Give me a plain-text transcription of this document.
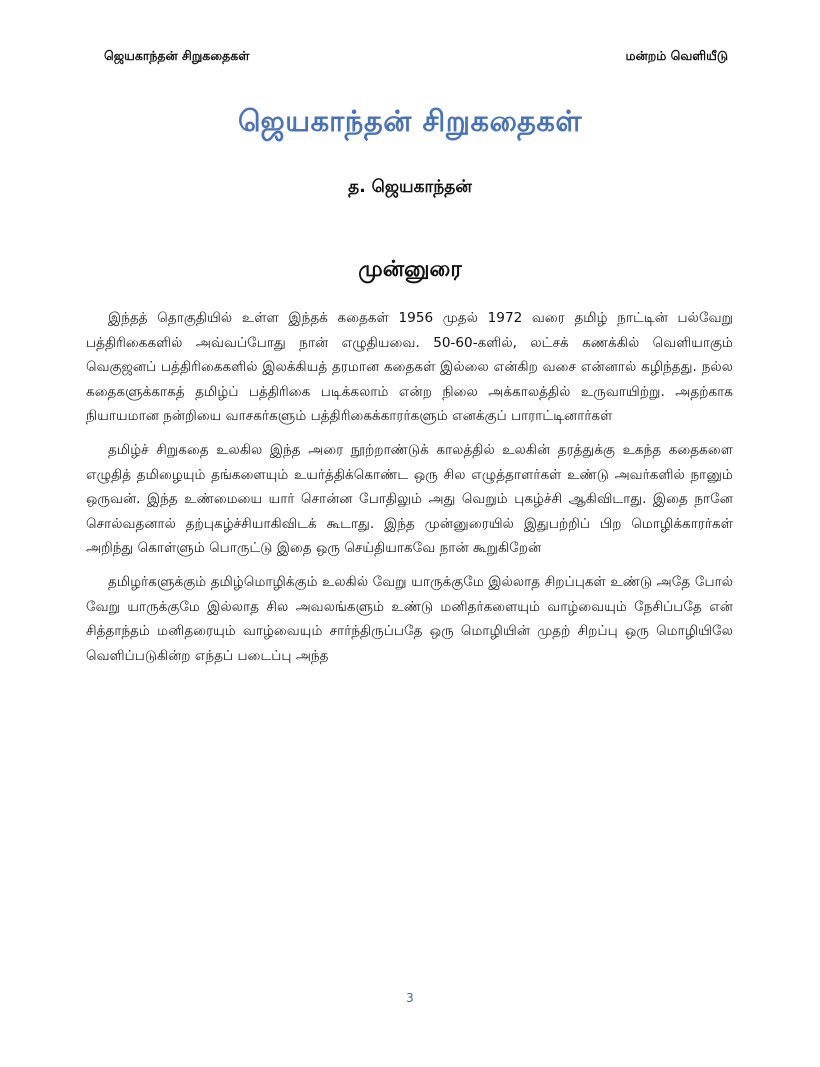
ஜெயகாந்தன் சிறுகதைகள்	மன்றம் வெளியீடு
ஜெயகாந்தன் சிறுகதைகள்
த. ஜெயகாந்தன்
முன்னுரை

இந்தத் தொகுதியில் உள்ள இந்தக் கதைகள் 1956 முதல் 1972 வரை தமிழ் நாட்டின் பல்வேறு பத்திரிகைகளில் அவ்வப்போது நான் எழுதியவை. 50-60-களில், லட்சக் கணக்கில் வெளியாகும் வெகுஜனப் பத்திரிகைகளில் இலக்கியத் தரமான கதைகள் இல்லை என்கிற வசை என்னால் கழிந்தது. நல்ல கதைகளுக்காகத் தமிழ்ப் பத்திரிகை படிக்கலாம் என்ற நிலை அக்காலத்தில் உருவாயிற்று. அதற்காக நியாயமான நன்றியை வாசகர்களும் பத்திரிகைக்காரர்களும் எனக்குப் பாராட்டினார்கள்

தமிழ்ச் சிறுகதை உலகில இந்த அரை நூற்றாண்டுக் காலத்தில் உலகின் தரத்துக்கு உகந்த கதைகளை எழுதித் தமிழையும் தங்களையும் உயர்த்திக்கொண்ட ஒரு சில எழுத்தாளர்கள் உண்டு அவர்களில் நானும் ஒருவன். இந்த உண்மையை யார் சொன்ன போதிலும் அது வெறும் புகழ்ச்சி ஆகிவிடாது. இதை நானே சொல்வதனால் தற்புகழ்ச்சியாகிவிடக் கூடாது. இந்த முன்னுரையில் இதுபற்றிப் பிற மொழிக்காரர்கள் அறிந்து கொள்ளும் பொருட்டு இதை ஒரு செய்தியாகவே நான் கூறுகிறேன்

தமிழர்களுக்கும் தமிழ்மொழிக்கும் உலகில் வேறு யாருக்குமே இல்லாத சிறப்புகள் உண்டு அதே போல் வேறு யாருக்குமே இல்லாத சில அவலங்களும் உண்டு மனிதர்களையும் வாழ்வையும் நேசிப்பதே என் சித்தாந்தம் மனிதரையும் வாழ்வையும் சார்ந்திருப்பதே ஒரு மொழியின் முதற் சிறப்பு ஒரு மொழியிலே வெளிப்படுகின்ற எந்தப் படைப்பு அந்த

3
